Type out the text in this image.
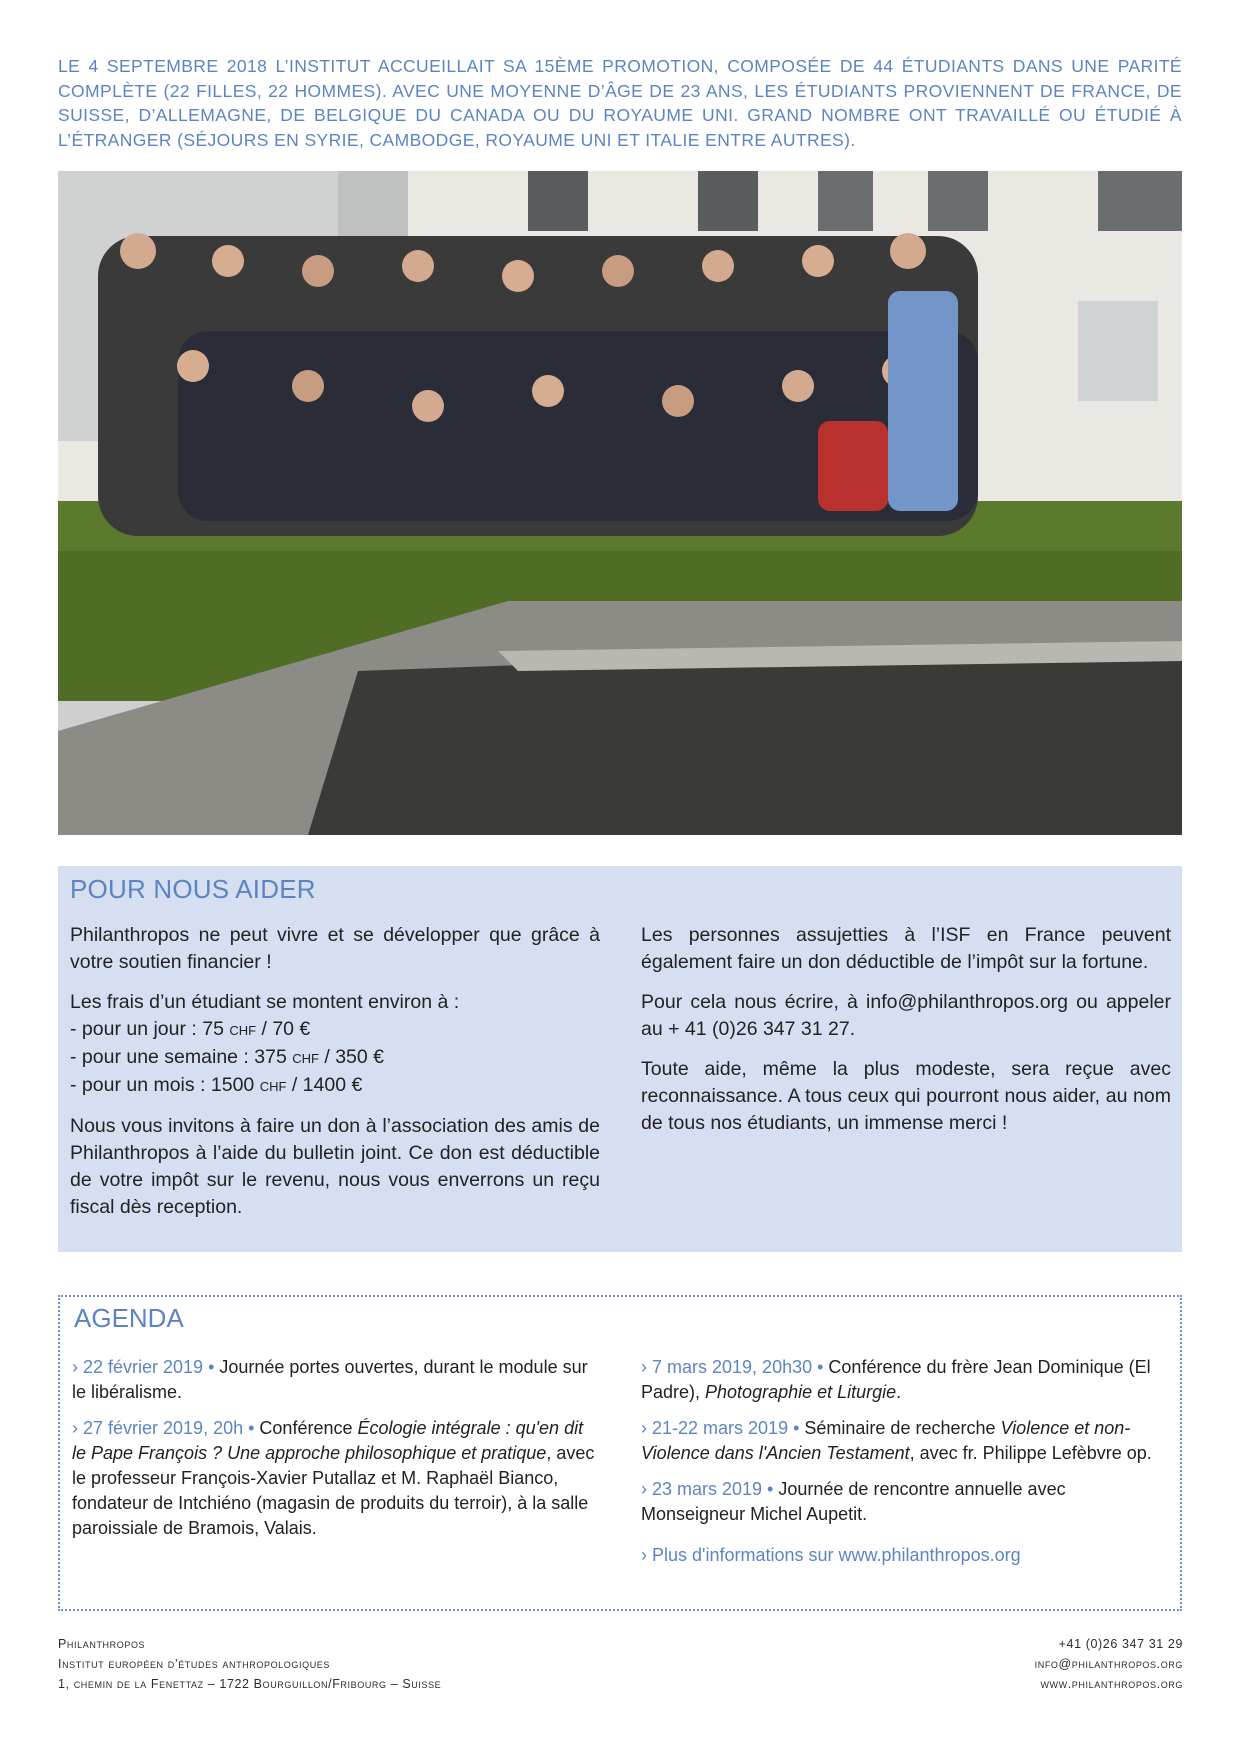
LE 4 SEPTEMBRE 2018 L’INSTITUT ACCUEILLAIT SA 15ÈME PROMOTION, COMPOSÉE DE 44 ÉTUDIANTS DANS UNE PARITÉ COMPLÈTE (22 FILLES, 22 HOMMES). AVEC UNE MOYENNE D’ÂGE DE 23 ANS, LES ÉTUDIANTS PROVIENNENT DE FRANCE, DE SUISSE, D’ALLEMAGNE, DE BELGIQUE DU CANADA OU DU ROYAUME UNI. GRAND NOMBRE ONT TRAVAILLÉ OU ÉTUDIÉ À L’ÉTRANGER (SÉJOURS EN SYRIE, CAMBODGE, ROYAUME UNI ET ITALIE ENTRE AUTRES).
POUR NOUS AIDER

Philanthropos ne peut vivre et se développer que grâce à votre soutien financier !

Les frais d’un étudiant se montent environ à :
- pour un jour : 75 CHF / 70 €
- pour une semaine : 375 CHF / 350 €
- pour un mois : 1500 CHF / 1400 €

Nous vous invitons à faire un don à l’association des amis de Philanthropos à l’aide du bulletin joint. Ce don est déductible de votre impôt sur le revenu, nous vous enverrons un reçu fiscal dès reception.

Les personnes assujetties à l’ISF en France peuvent également faire un don déductible de l’impôt sur la fortune.

Pour cela nous écrire, à info@philanthropos.org ou appeler au + 41 (0)26 347 31 27.

Toute aide, même la plus modeste, sera reçue avec reconnaissance. A tous ceux qui pourront nous aider, au nom de tous nos étudiants, un immense merci !

AGENDA
› 22 février 2019 • Journée portes ouvertes, durant le module sur le libéralisme.
› 27 février 2019, 20h • Conférence Écologie intégrale : qu'en dit le Pape François ? Une approche philosophique et pratique, avec le professeur François-Xavier Putallaz et M. Raphaël Bianco, fondateur de Intchiéno (magasin de produits du terroir), à la salle paroissiale de Bramois, Valais.
› 7 mars 2019, 20h30 • Conférence du frère Jean Dominique (El Padre), Photographie et Liturgie.
› 21-22 mars 2019 • Séminaire de recherche Violence et non-Violence dans l'Ancien Testament, avec fr. Philippe Lefèbvre op.
› 23 mars 2019 • Journée de rencontre annuelle avec Monseigneur Michel Aupetit.
› Plus d'informations sur www.philanthropos.org
Philanthropos
Institut européen d’études anthropologiques
1, chemin de la Fenettaz – 1722 Bourguillon/Fribourg – Suisse
+41 (0)26 347 31 29
info@philanthropos.org
www.philanthropos.org
